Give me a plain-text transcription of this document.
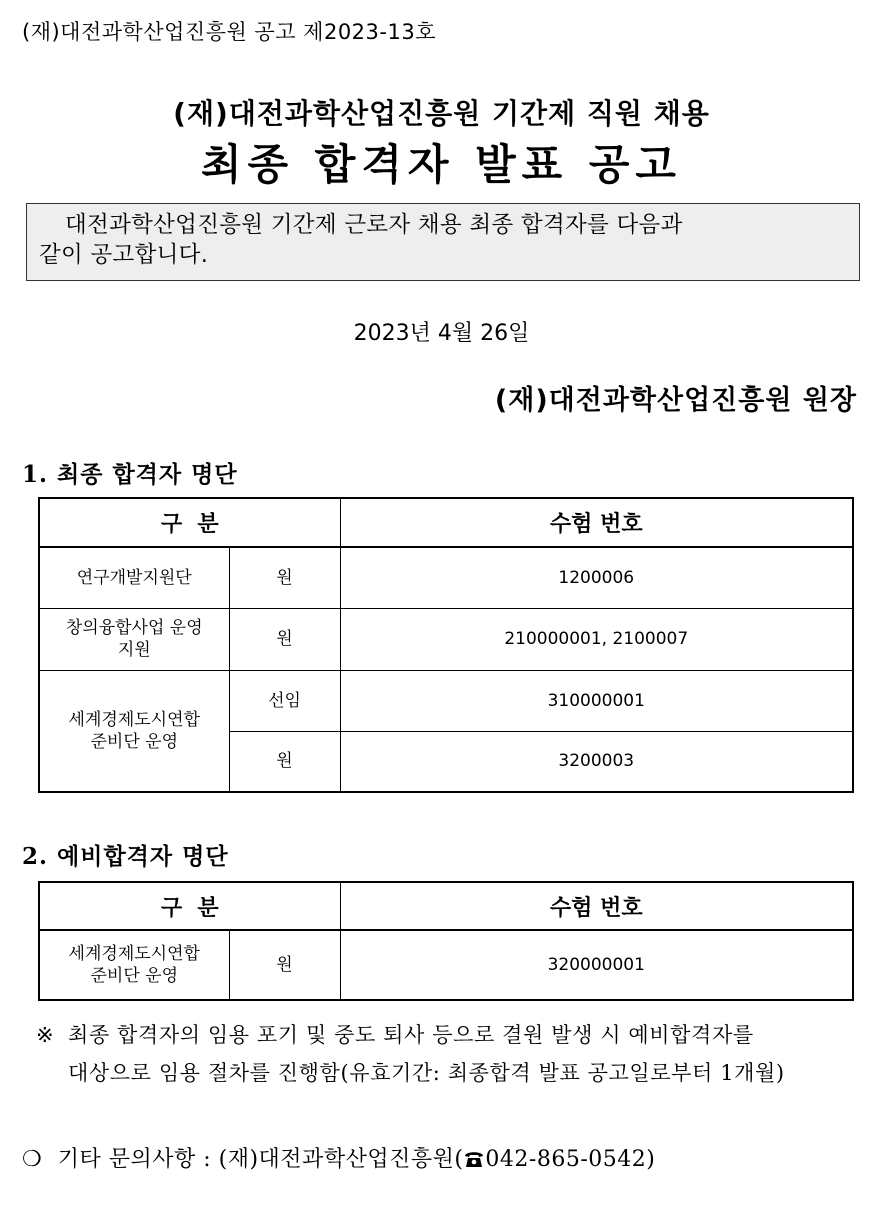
(재)대전과학산업진흥원 공고 제2023-13호
(재)대전과학산업진흥원 기간제 직원 채용
최종 합격자 발표 공고
대전과학산업진흥원 기간제 근로자 채용 최종 합격자를 다음과
같이 공고합니다.
2023년 4월 26일
(재)대전과학산업진흥원 원장
1. 최종 합격자 명단
구  분		수험 번호
연구개발지원단	원	1200006
창의융합사업 운영
지원	원	210000001, 2100007
세계경제도시연합
준비단 운영	선임	310000001
	원	3200003
2. 예비합격자 명단
구  분		수험 번호
세계경제도시연합
준비단 운영	원	320000001
※ 최종 합격자의 임용 포기 및 중도 퇴사 등으로 결원 발생 시 예비합격자를
대상으로 임용 절차를 진행함(유효기간: 최종합격 발표 공고일로부터 1개월)
❍ 기타 문의사항 : (재)대전과학산업진흥원( 042-865-0542)
